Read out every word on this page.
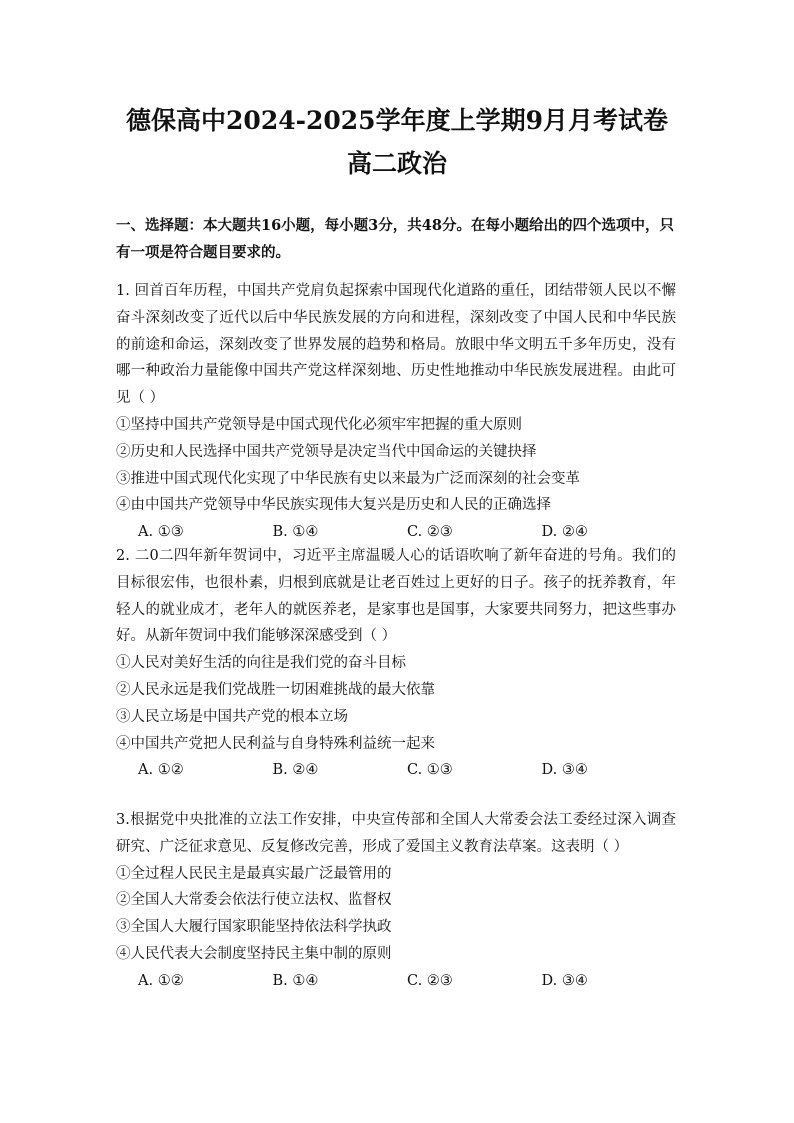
德保高中2024-2025学年度上学期9月月考试卷
高二政治
一、选择题：本大题共16小题，每小题3分，共48分。在每小题给出的四个选项中，只有一项是符合题目要求的。
1. 回首百年历程，中国共产党肩负起探索中国现代化道路的重任，团结带领人民以不懈奋斗深刻改变了近代以后中华民族发展的方向和进程，深刻改变了中国人民和中华民族的前途和命运，深刻改变了世界发展的趋势和格局。放眼中华文明五千多年历史，没有哪一种政治力量能像中国共产党这样深刻地、历史性地推动中华民族发展进程。由此可见（ ）
①坚持中国共产党领导是中国式现代化必须牢牢把握的重大原则
②历史和人民选择中国共产党领导是决定当代中国命运的关键抉择
③推进中国式现代化实现了中华民族有史以来最为广泛而深刻的社会变革
④由中国共产党领导中华民族实现伟大复兴是历史和人民的正确选择
A. ①③	B. ①④	C. ②③	D. ②④
2. 二0二四年新年贺词中，习近平主席温暖人心的话语吹响了新年奋进的号角。我们的目标很宏伟，也很朴素，归根到底就是让老百姓过上更好的日子。孩子的抚养教育，年轻人的就业成才，老年人的就医养老，是家事也是国事，大家要共同努力，把这些事办好。从新年贺词中我们能够深深感受到（ ）
①人民对美好生活的向往是我们党的奋斗目标
②人民永远是我们党战胜一切困难挑战的最大依靠
③人民立场是中国共产党的根本立场
④中国共产党把人民利益与自身特殊利益统一起来
A. ①②	B. ②④	C. ①③	D. ③④
3.根据党中央批准的立法工作安排，中央宣传部和全国人大常委会法工委经过深入调查研究、广泛征求意见、反复修改完善，形成了爱国主义教育法草案。这表明（ ）
①全过程人民民主是最真实最广泛最管用的
②全国人大常委会依法行使立法权、监督权
③全国人大履行国家职能坚持依法科学执政
④人民代表大会制度坚持民主集中制的原则
A. ①②	B. ①④	C. ②③	D. ③④
